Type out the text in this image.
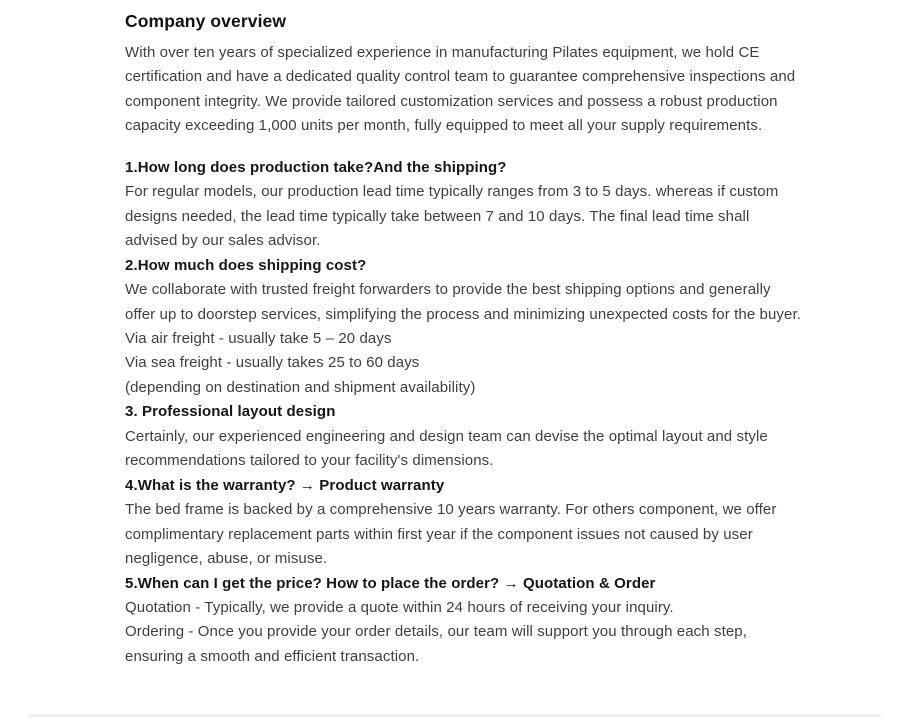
Company overview

With over ten years of specialized experience in manufacturing Pilates equipment, we hold CE certification and have a dedicated quality control team to guarantee comprehensive inspections and component integrity. We provide tailored customization services and possess a robust production capacity exceeding 1,000 units per month, fully equipped to meet all your supply requirements.

1.How long does production take?And the shipping?

For regular models, our production lead time typically ranges from 3 to 5 days. whereas if custom designs needed, the lead time typically take between 7 and 10 days. The final lead time shall advised by our sales advisor.

2.How much does shipping cost?

We collaborate with trusted freight forwarders to provide the best shipping options and generally offer up to doorstep services, simplifying the process and minimizing unexpected costs for the buyer.

Via air freight - usually take 5 – 20 days

Via sea freight - usually takes 25 to 60 days

(depending on destination and shipment availability)

3. Professional layout design

Certainly, our experienced engineering and design team can devise the optimal layout and style recommendations tailored to your facility's dimensions.

4.What is the warranty? → Product warranty

The bed frame is backed by a comprehensive 10 years warranty. For others component, we offer complimentary replacement parts within first year if the component issues not caused by user negligence, abuse, or misuse.

5.When can I get the price? How to place the order? → Quotation & Order

Quotation - Typically, we provide a quote within 24 hours of receiving your inquiry.

Ordering - Once you provide your order details, our team will support you through each step, ensuring a smooth and efficient transaction.
